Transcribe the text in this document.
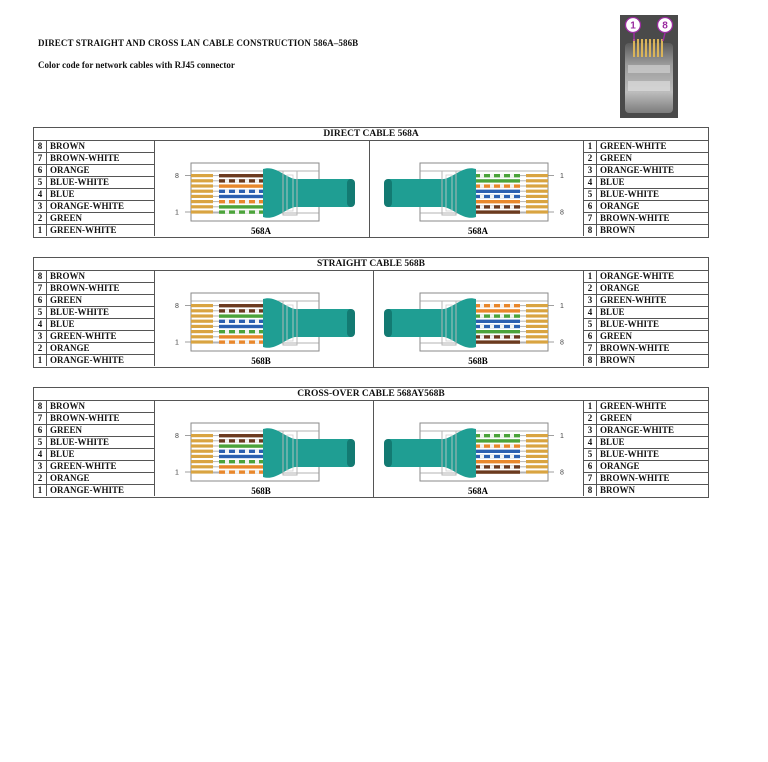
DIRECT STRAIGHT AND CROSS LAN CABLE CONSTRUCTION 586A–586B
Color code for network cables with RJ45 connector
1	8
DIRECT CABLE 568A
8	BROWN
7	BROWN-WHITE
6	ORANGE
5	BLUE-WHITE
4	BLUE
3	ORANGE-WHITE
2	GREEN
1	GREEN-WHITE
8
1
568A
1
8
568A
1	GREEN-WHITE
2	GREEN
3	ORANGE-WHITE
4	BLUE
5	BLUE-WHITE
6	ORANGE
7	BROWN-WHITE
8	BROWN
STRAIGHT CABLE 568B
8	BROWN
7	BROWN-WHITE
6	GREEN
5	BLUE-WHITE
4	BLUE
3	GREEN-WHITE
2	ORANGE
1	ORANGE-WHITE
8
1
568B
1
8
568B
1	ORANGE-WHITE
2	ORANGE
3	GREEN-WHITE
4	BLUE
5	BLUE-WHITE
6	GREEN
7	BROWN-WHITE
8	BROWN
CROSS-OVER CABLE 568AY568B
8	BROWN
7	BROWN-WHITE
6	GREEN
5	BLUE-WHITE
4	BLUE
3	GREEN-WHITE
2	ORANGE
1	ORANGE-WHITE
8
1
568B
1
8
568A
1	GREEN-WHITE
2	GREEN
3	ORANGE-WHITE
4	BLUE
5	BLUE-WHITE
6	ORANGE
7	BROWN-WHITE
8	BROWN
